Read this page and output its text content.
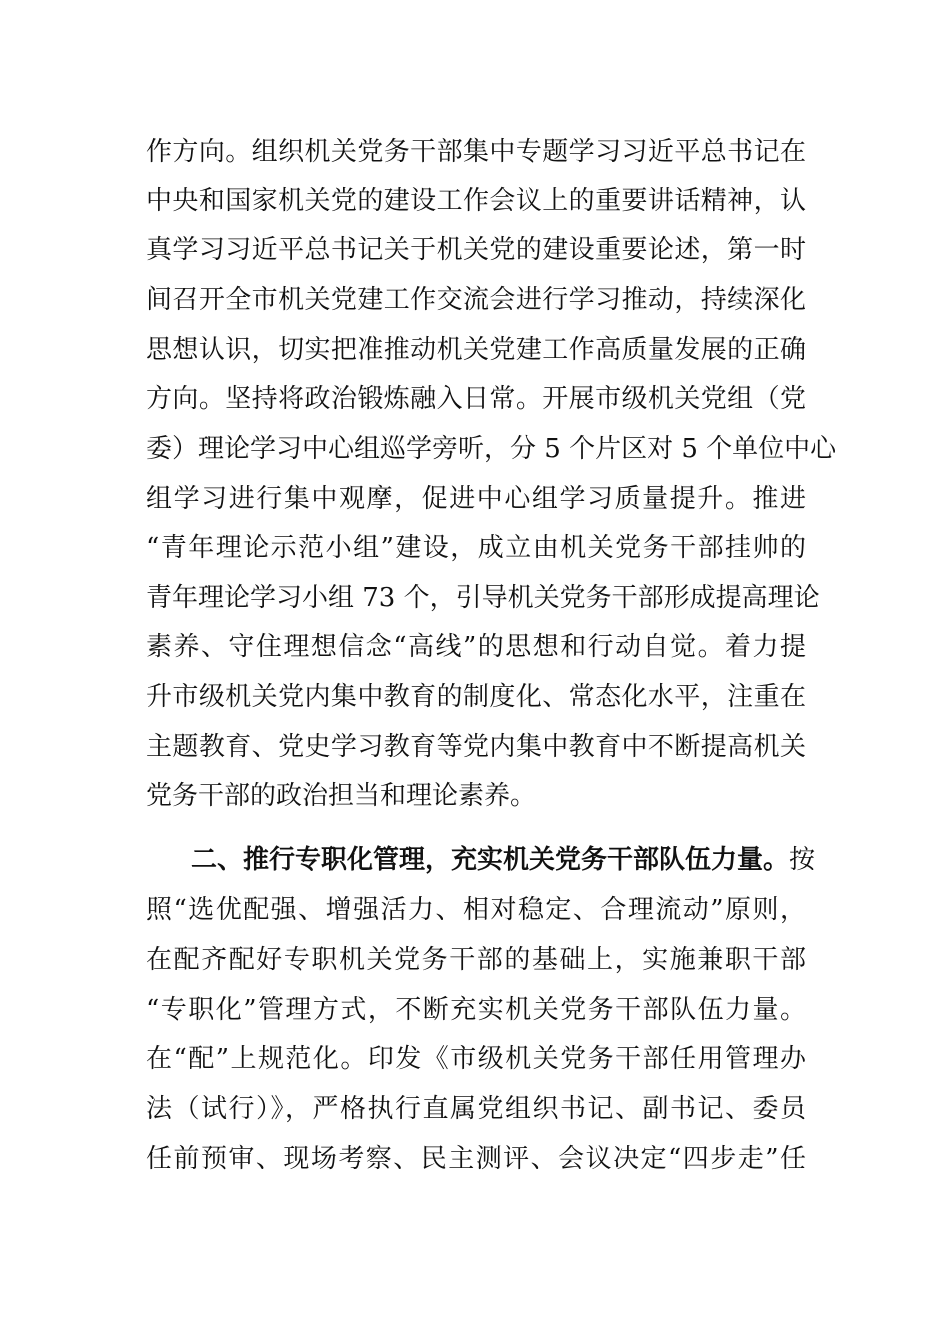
作方向。组织机关党务干部集中专题学习习近平总书记在
中央和国家机关党的建设工作会议上的重要讲话精神，认
真学习习近平总书记关于机关党的建设重要论述，第一时
间召开全市机关党建工作交流会进行学习推动，持续深化
思想认识，切实把准推动机关党建工作高质量发展的正确
方向。坚持将政治锻炼融入日常。开展市级机关党组（党
委）理论学习中心组巡学旁听，分 5 个片区对 5 个单位中心
组学习进行集中观摩，促进中心组学习质量提升。推进
“青年理论示范小组”建设，成立由机关党务干部挂帅的
青年理论学习小组 73 个，引导机关党务干部形成提高理论
素养、守住理想信念“高线”的思想和行动自觉。着力提
升市级机关党内集中教育的制度化、常态化水平，注重在
主题教育、党史学习教育等党内集中教育中不断提高机关
党务干部的政治担当和理论素养。
二、推行专职化管理，充实机关党务干部队伍力量。按
照“选优配强、增强活力、相对稳定、合理流动”原则，
在配齐配好专职机关党务干部的基础上，实施兼职干部
“专职化”管理方式，不断充实机关党务干部队伍力量。
在“配”上规范化。印发《市级机关党务干部任用管理办
法（试行）》，严格执行直属党组织书记、副书记、委员
任前预审、现场考察、民主测评、会议决定“四步走”任
